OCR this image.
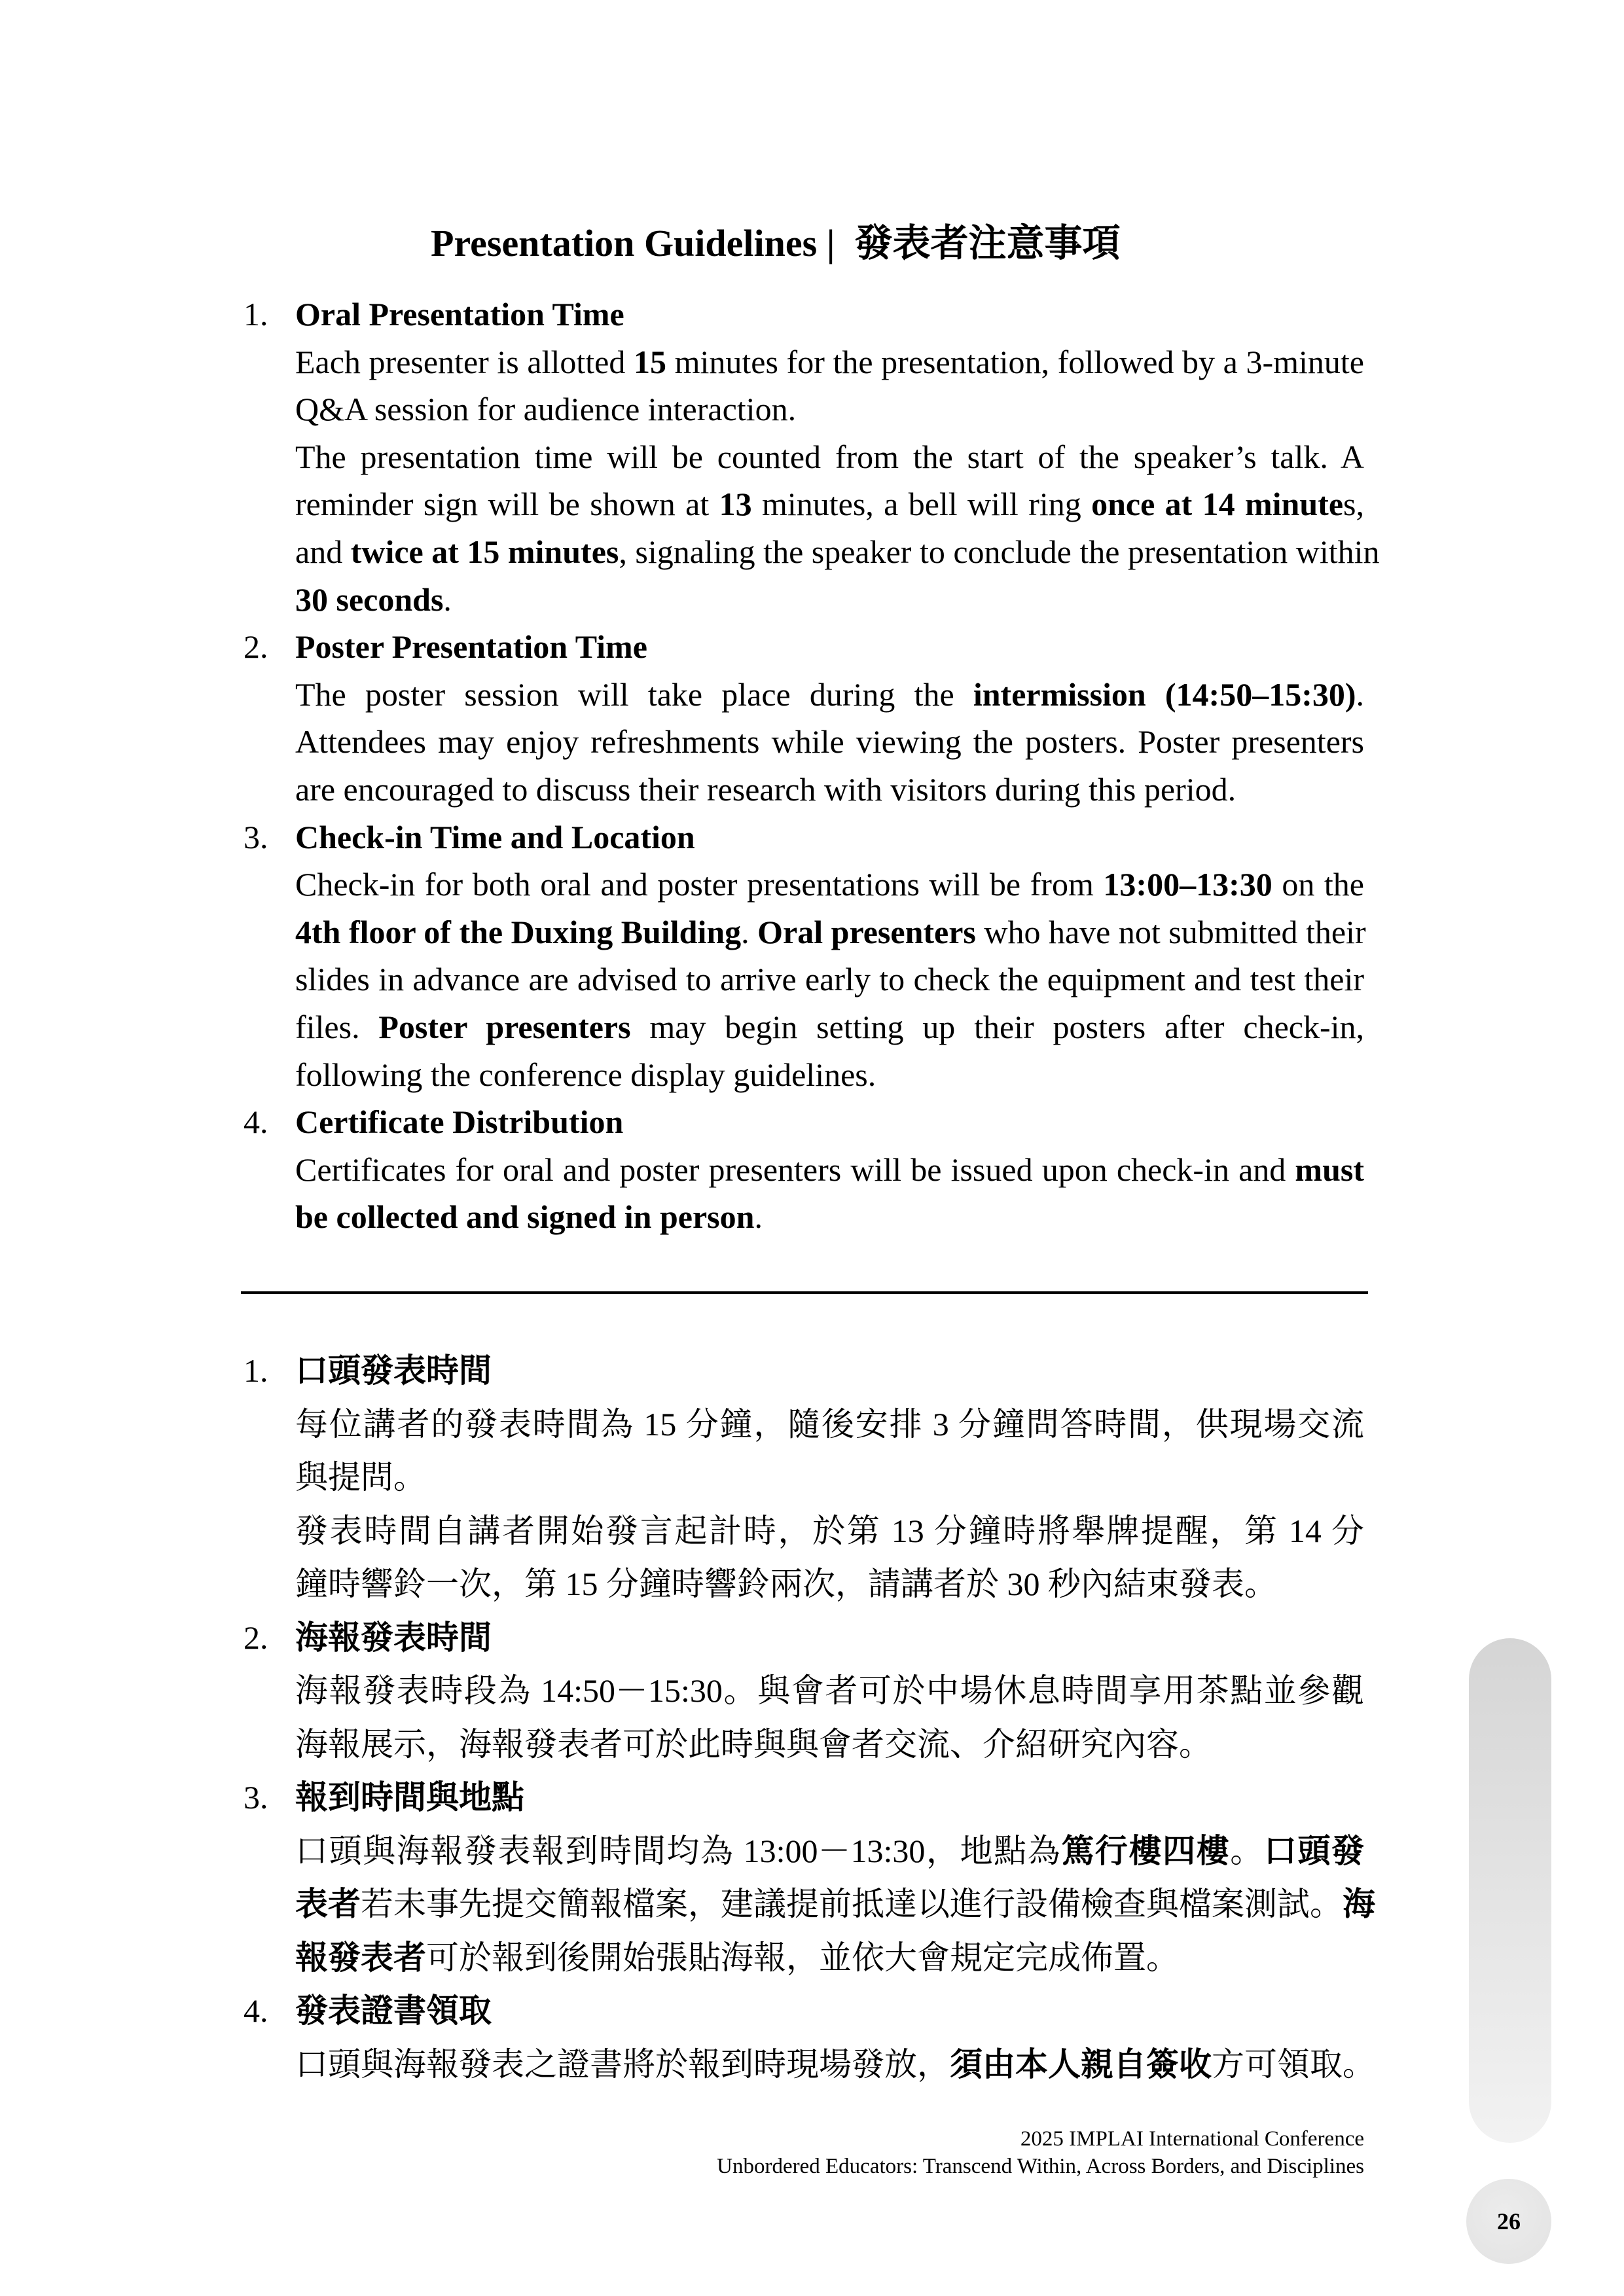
Presentation Guidelines | 發表者注意事項
1. Oral Presentation Time
Each presenter is allotted 15 minutes for the presentation, followed by a 3-minute
Q&A session for audience interaction.
The presentation time will be counted from the start of the speaker’s talk. A
reminder sign will be shown at 13 minutes, a bell will ring once at 14 minutes,
and twice at 15 minutes, signaling the speaker to conclude the presentation within
30 seconds.
2. Poster Presentation Time
The poster session will take place during the intermission (14:50–15:30).
Attendees may enjoy refreshments while viewing the posters. Poster presenters
are encouraged to discuss their research with visitors during this period.
3. Check-in Time and Location
Check-in for both oral and poster presentations will be from 13:00–13:30 on the
4th floor of the Duxing Building. Oral presenters who have not submitted their
slides in advance are advised to arrive early to check the equipment and test their
files. Poster presenters may begin setting up their posters after check-in,
following the conference display guidelines.
4. Certificate Distribution
Certificates for oral and poster presenters will be issued upon check-in and must
be collected and signed in person.
1. 口頭發表時間
每位講者的發表時間為 15 分鐘，隨後安排 3 分鐘問答時間，供現場交流
與提問。
發表時間自講者開始發言起計時，於第 13 分鐘時將舉牌提醒，第 14 分
鐘時響鈴一次，第 15 分鐘時響鈴兩次，請講者於 30 秒內結束發表。
2. 海報發表時間
海報發表時段為 14:50－15:30。與會者可於中場休息時間享用茶點並參觀
海報展示，海報發表者可於此時與與會者交流、介紹研究內容。
3. 報到時間與地點
口頭與海報發表報到時間均為 13:00－13:30，地點為篤行樓四樓。口頭發
表者若未事先提交簡報檔案，建議提前抵達以進行設備檢查與檔案測試。海
報發表者可於報到後開始張貼海報，並依大會規定完成佈置。
4. 發表證書領取
口頭與海報發表之證書將於報到時現場發放，須由本人親自簽收方可領取。
2025 IMPLAI International Conference
Unbordered Educators: Transcend Within, Across Borders, and Disciplines
26
